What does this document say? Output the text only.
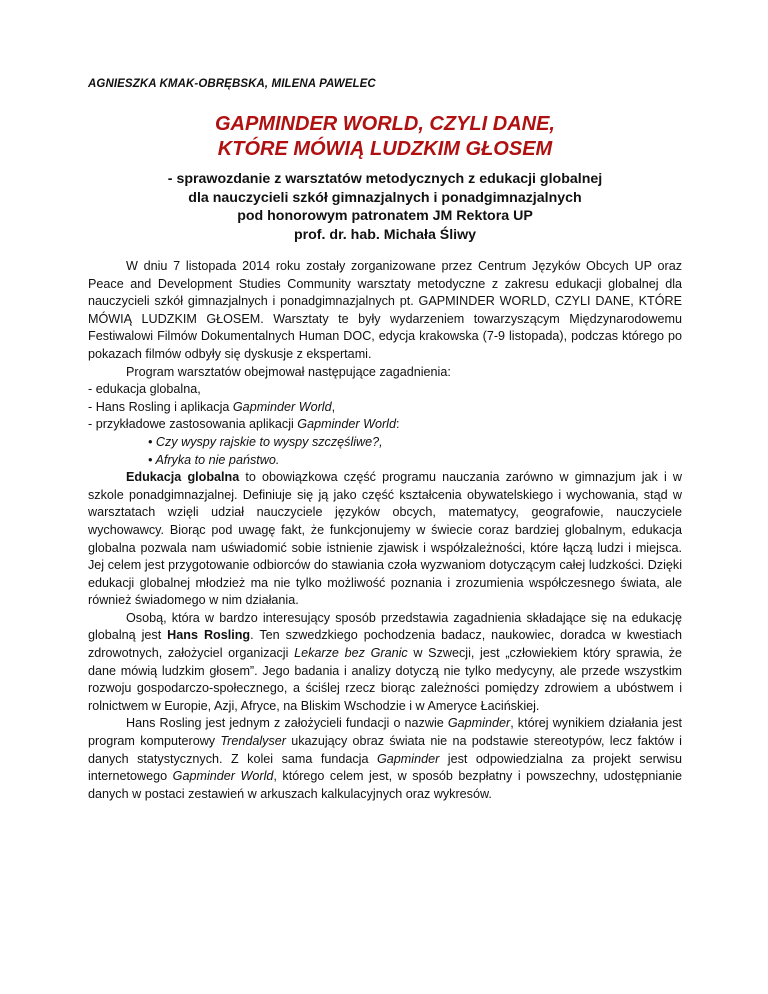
AGNIESZKA KMAK-OBRĘBSKA, MILENA PAWELEC

GAPMINDER WORLD, CZYLI DANE,
KTÓRE MÓWIĄ LUDZKIM GŁOSEM
- sprawozdanie z warsztatów metodycznych z edukacji globalnej
dla nauczycieli szkół gimnazjalnych i ponadgimnazjalnych
pod honorowym patronatem JM Rektora UP
prof. dr. hab. Michała Śliwy

W dniu 7 listopada 2014 roku zostały zorganizowane przez Centrum Języków Obcych UP oraz Peace and Development Studies Community warsztaty metodyczne z zakresu edukacji globalnej dla nauczycieli szkół gimnazjalnych i ponadgimnazjalnych pt. GAPMINDER WORLD, CZYLI DANE, KTÓRE MÓWIĄ LUDZKIM GŁOSEM. Warsztaty te były wydarzeniem towarzyszącym Międzynarodowemu Festiwalowi Filmów Dokumentalnych Human DOC, edycja krakowska (7-9 listopada), podczas którego po pokazach filmów odbyły się dyskusje z ekspertami.

Program warsztatów obejmował następujące zagadnienia:

- edukacja globalna,

- Hans Rosling i aplikacja Gapminder World,

- przykładowe zastosowania aplikacji Gapminder World:

• Czy wyspy rajskie to wyspy szczęśliwe?,

• Afryka to nie państwo.

Edukacja globalna to obowiązkowa część programu nauczania zarówno w gimnazjum jak i w szkole ponadgimnazjalnej. Definiuje się ją jako część kształcenia obywatelskiego i wychowania, stąd w warsztatach wzięli udział nauczyciele języków obcych, matematycy, geografowie, nauczyciele wychowawcy. Biorąc pod uwagę fakt, że funkcjonujemy w świecie coraz bardziej globalnym, edukacja globalna pozwala nam uświadomić sobie istnienie zjawisk i współzależności, które łączą ludzi i miejsca. Jej celem jest przygotowanie odbiorców do stawiania czoła wyzwaniom dotyczącym całej ludzkości. Dzięki edukacji globalnej młodzież ma nie tylko możliwość poznania i zrozumienia współczesnego świata, ale również świadomego w nim działania.

Osobą, która w bardzo interesujący sposób przedstawia zagadnienia składające się na edukację globalną jest Hans Rosling. Ten szwedzkiego pochodzenia badacz, naukowiec, doradca w kwestiach zdrowotnych, założyciel organizacji Lekarze bez Granic w Szwecji, jest „człowiekiem który sprawia, że dane mówią ludzkim głosem”. Jego badania i analizy dotyczą nie tylko medycyny, ale przede wszystkim rozwoju gospodarczo-społecznego, a ściślej rzecz biorąc zależności pomiędzy zdrowiem a ubóstwem i rolnictwem w Europie, Azji, Afryce, na Bliskim Wschodzie i w Ameryce Łacińskiej.

Hans Rosling jest jednym z założycieli fundacji o nazwie Gapminder, której wynikiem działania jest program komputerowy Trendalyser ukazujący obraz świata nie na podstawie stereotypów, lecz faktów i danych statystycznych. Z kolei sama fundacja Gapminder jest odpowiedzialna za projekt serwisu internetowego Gapminder World, którego celem jest, w sposób bezpłatny i powszechny, udostępnianie danych w postaci zestawień w arkuszach kalkulacyjnych oraz wykresów.
